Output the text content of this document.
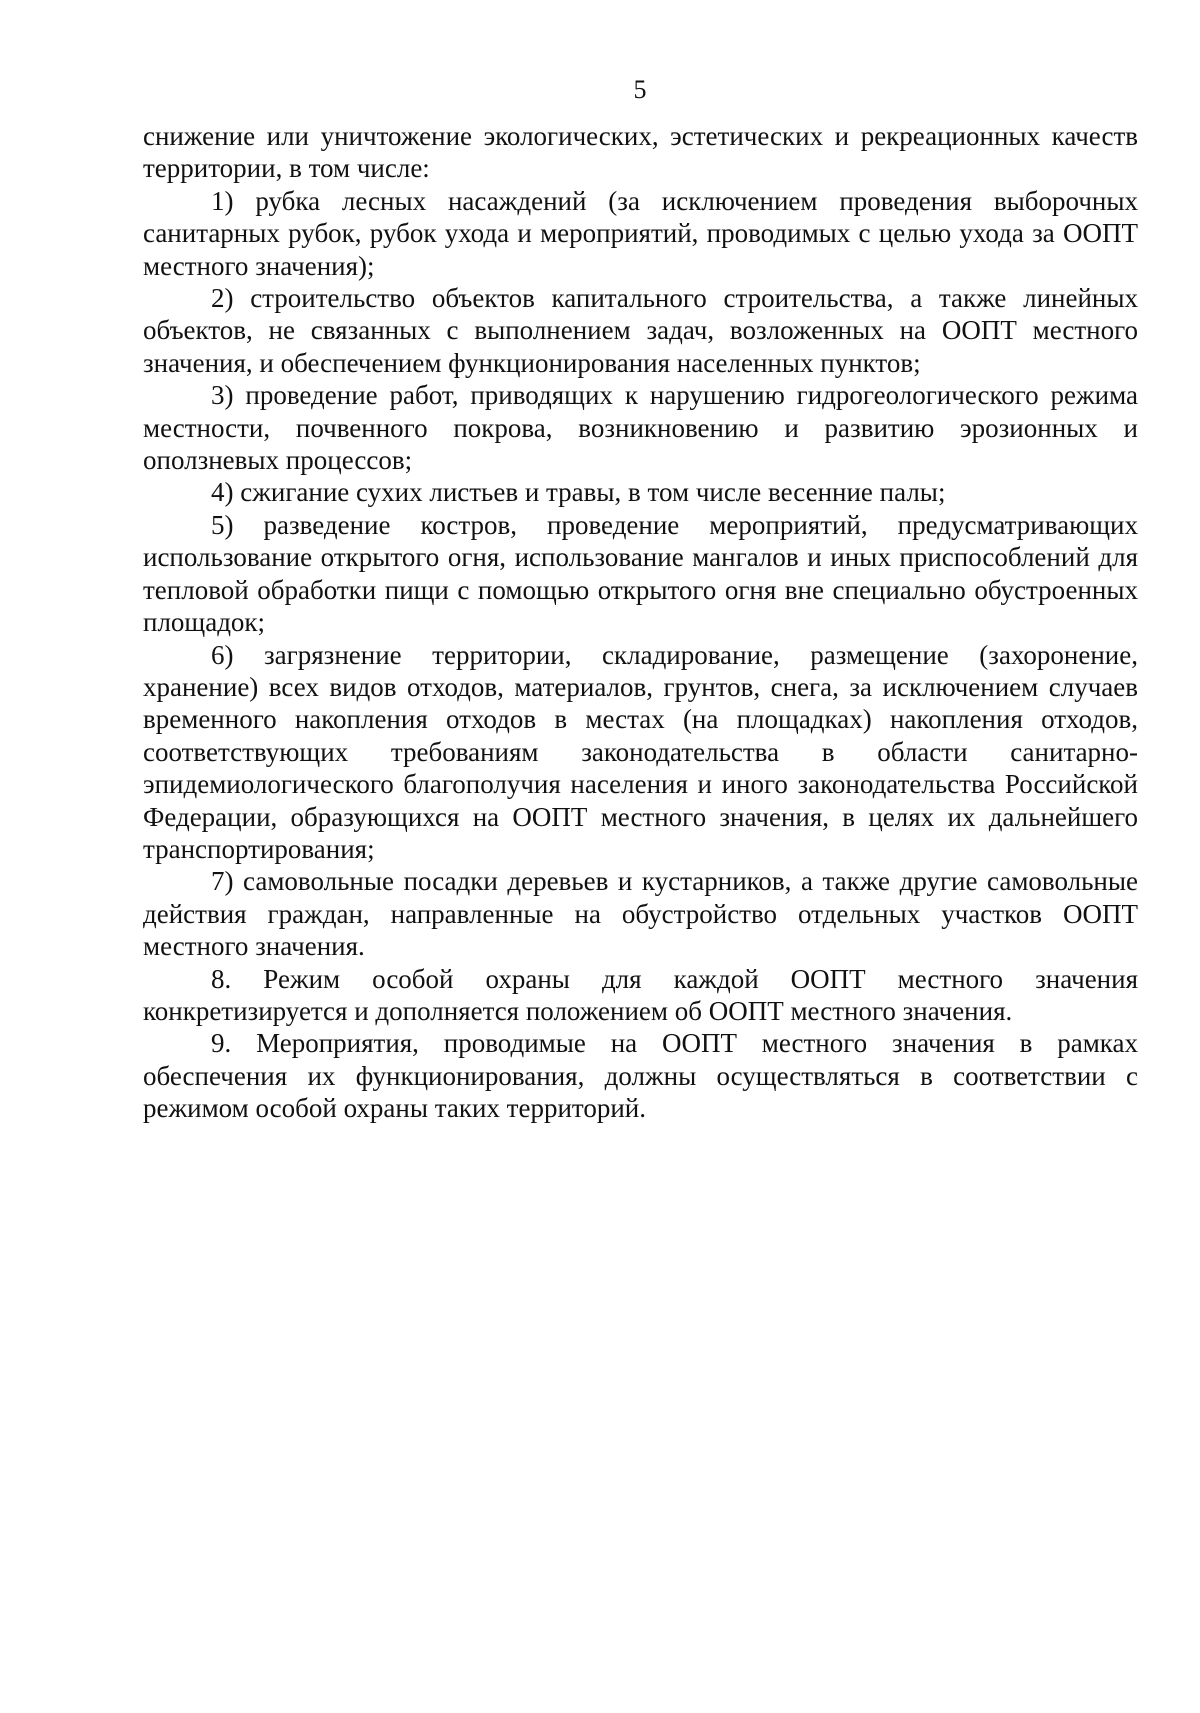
5

снижение или уничтожение экологических, эстетических и рекреационных качеств территории, в том числе:

1) рубка лесных насаждений (за исключением проведения выборочных санитарных рубок, рубок ухода и мероприятий, проводимых с целью ухода за ООПТ местного значения);

2) строительство объектов капитального строительства, а также линейных объектов, не связанных с выполнением задач, возложенных на ООПТ местного значения, и обеспечением функционирования населенных пунктов;

3) проведение работ, приводящих к нарушению гидрогеологического режима местности, почвенного покрова, возникновению и развитию эрозионных и оползневых процессов;

4) сжигание сухих листьев и травы, в том числе весенние палы;

5) разведение костров, проведение мероприятий, предусматривающих использование открытого огня, использование мангалов и иных приспособлений для тепловой обработки пищи с помощью открытого огня вне специально обустроенных площадок;

6) загрязнение территории, складирование, размещение (захоронение, хранение) всех видов отходов, материалов, грунтов, снега, за исключением случаев временного накопления отходов в местах (на площадках) накопления отходов, соответствующих требованиям законодательства в области санитарно-эпидемиологического благополучия населения и иного законодательства Российской Федерации, образующихся на ООПТ местного значения, в целях их дальнейшего транспортирования;

7) самовольные посадки деревьев и кустарников, а также другие самовольные действия граждан, направленные на обустройство отдельных участков ООПТ местного значения.

8. Режим особой охраны для каждой ООПТ местного значения конкретизируется и дополняется положением об ООПТ местного значения.

9. Мероприятия, проводимые на ООПТ местного значения в рамках обеспечения их функционирования, должны осуществляться в соответствии с режимом особой охраны таких территорий.
